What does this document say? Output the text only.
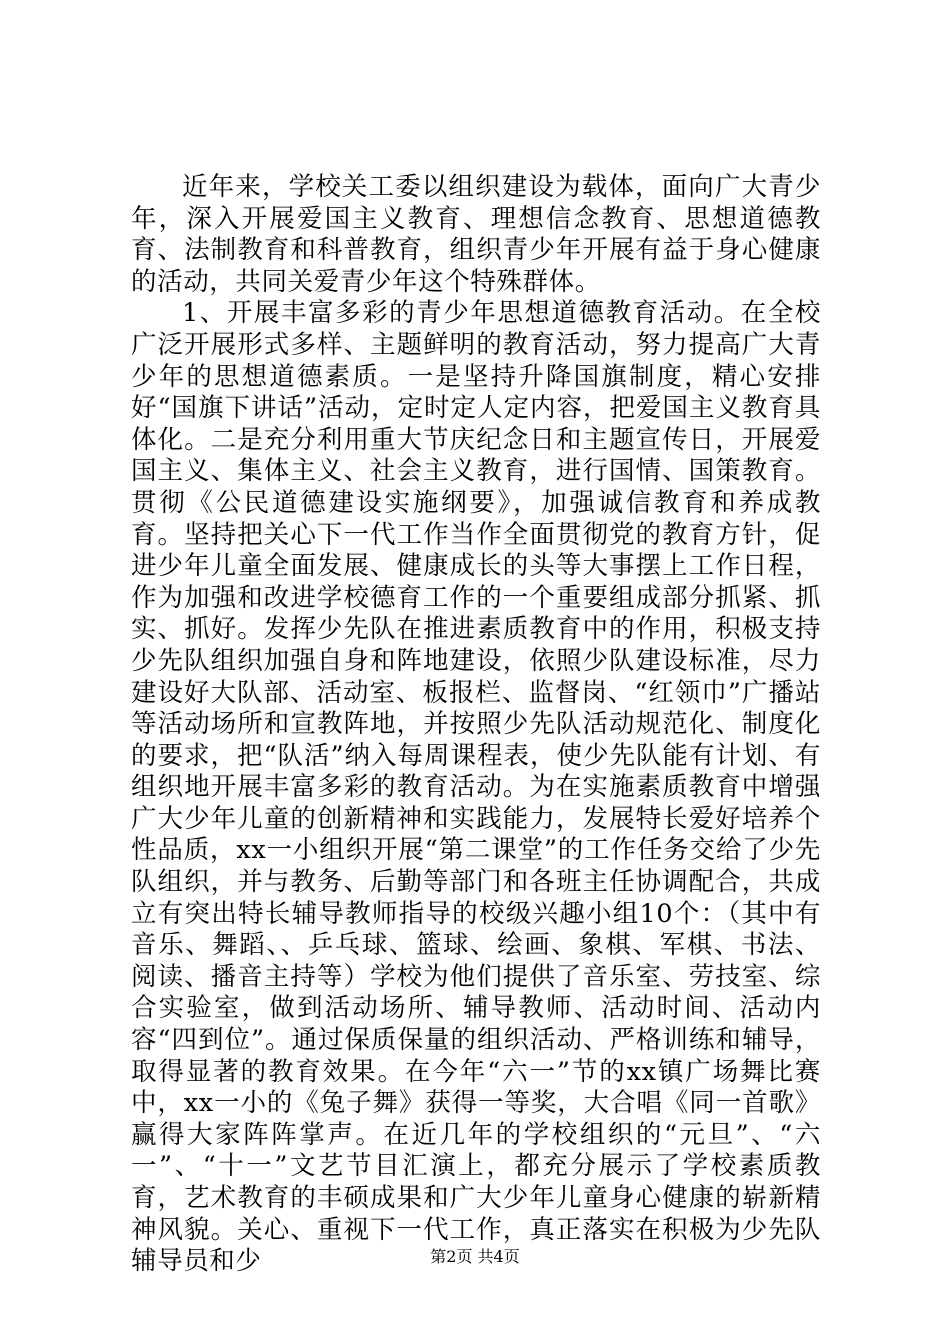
近年来，学校关工委以组织建设为载体，面向广大青少年，深入开展爱国主义教育、理想信念教育、思想道德教育、法制教育和科普教育，组织青少年开展有益于身心健康的活动，共同关爱青少年这个特殊群体。

1、开展丰富多彩的青少年思想道德教育活动。在全校广泛开展形式多样、主题鲜明的教育活动，努力提高广大青少年的思想道德素质。一是坚持升降国旗制度，精心安排好“国旗下讲话”活动，定时定人定内容，把爱国主义教育具体化。二是充分利用重大节庆纪念日和主题宣传日，开展爱国主义、集体主义、社会主义教育，进行国情、国策教育。贯彻《公民道德建设实施纲要》，加强诚信教育和养成教育。坚持把关心下一代工作当作全面贯彻党的教育方针，促进少年儿童全面发展、健康成长的头等大事摆上工作日程，作为加强和改进学校德育工作的一个重要组成部分抓紧、抓实、抓好。发挥少先队在推进素质教育中的作用，积极支持少先队组织加强自身和阵地建设，依照少队建设标准，尽力建设好大队部、活动室、板报栏、监督岗、“红领巾”广播站等活动场所和宣教阵地，并按照少先队活动规范化、制度化的要求，把“队活”纳入每周课程表，使少先队能有计划、有组织地开展丰富多彩的教育活动。为在实施素质教育中增强广大少年儿童的创新精神和实践能力，发展特长爱好培养个性品质，xx一小组织开展“第二课堂”的工作任务交给了少先队组织，并与教务、后勤等部门和各班主任协调配合，共成立有突出特长辅导教师指导的校级兴趣小组10个：（其中有音乐、舞蹈、、乒乓球、篮球、绘画、象棋、军棋、书法、阅读、播音主持等）学校为他们提供了音乐室、劳技室、综合实验室，做到活动场所、辅导教师、活动时间、活动内容“四到位”。通过保质保量的组织活动、严格训练和辅导，取得显著的教育效果。在今年“六一”节的xx镇广场舞比赛中，xx一小的《兔子舞》获得一等奖，大合唱《同一首歌》赢得大家阵阵掌声。在近几年的学校组织的“元旦”、“六一”、“十一”文艺节目汇演上，都充分展示了学校素质教育，艺术教育的丰硕成果和广大少年儿童身心健康的崭新精神风貌。关心、重视下一代工作，真正落实在积极为少先队辅导员和少	第2页 共4页
